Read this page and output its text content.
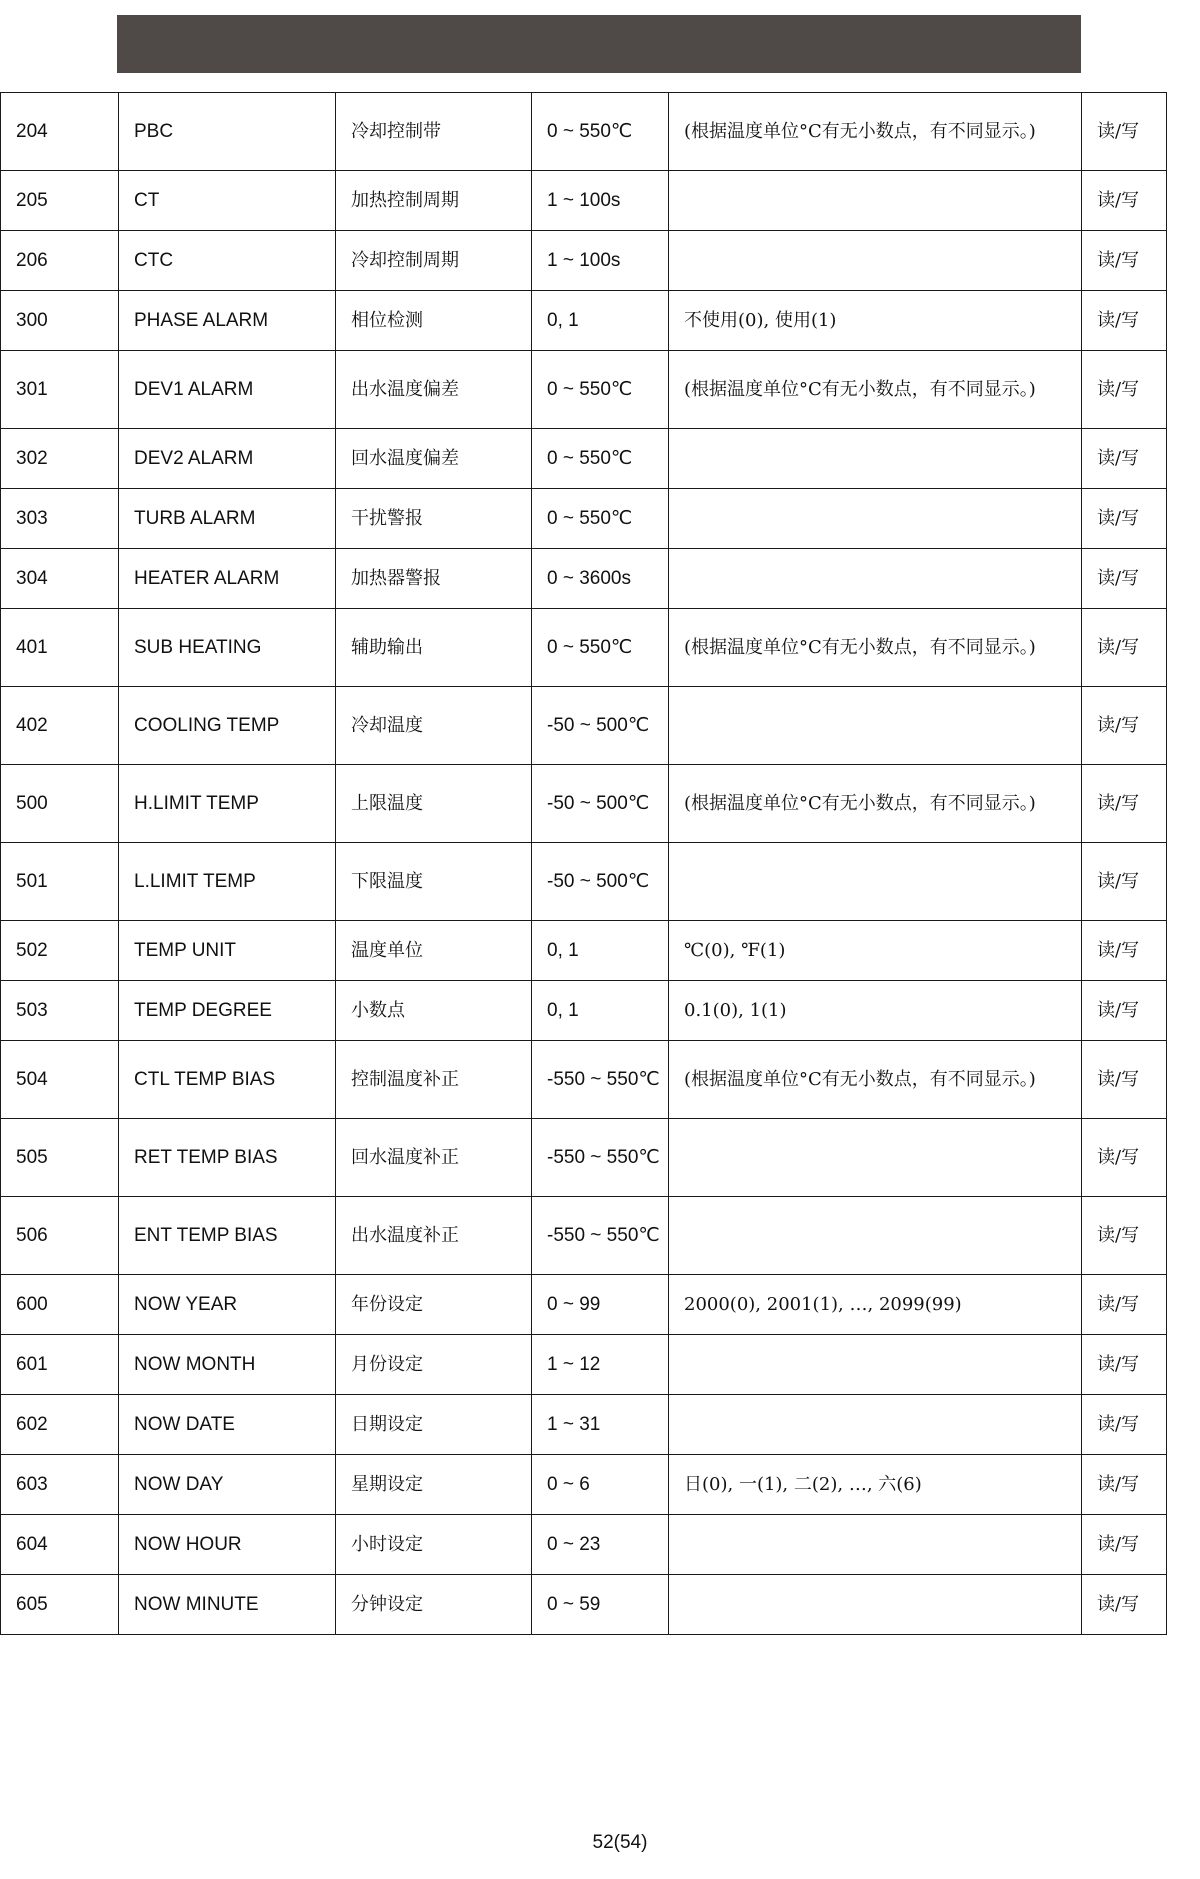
204	PBC	冷却控制带	0 ~ 550℃	(根据温度单位°C有无小数点，有不同显示。)	读/写
205	CT	加热控制周期	1 ~ 100s		读/写
206	CTC	冷却控制周期	1 ~ 100s		读/写
300	PHASE ALARM	相位检测	0, 1	不使用(0), 使用(1)	读/写
301	DEV1 ALARM	出水温度偏差	0 ~ 550℃	(根据温度单位°C有无小数点，有不同显示。)	读/写
302	DEV2 ALARM	回水温度偏差	0 ~ 550℃		读/写
303	TURB ALARM	干扰警报	0 ~ 550℃		读/写
304	HEATER ALARM	加热器警报	0 ~ 3600s		读/写
401	SUB HEATING	辅助输出	0 ~ 550℃	(根据温度单位°C有无小数点，有不同显示。)	读/写
402	COOLING TEMP	冷却温度	-50 ~ 500℃		读/写
500	H.LIMIT TEMP	上限温度	-50 ~ 500℃	(根据温度单位°C有无小数点，有不同显示。)	读/写
501	L.LIMIT TEMP	下限温度	-50 ~ 500℃		读/写
502	TEMP UNIT	温度单位	0, 1	℃(0), ℉(1)	读/写
503	TEMP DEGREE	小数点	0, 1	0.1(0), 1(1)	读/写
504	CTL TEMP BIAS	控制温度补正	-550 ~ 550℃	(根据温度单位°C有无小数点，有不同显示。)	读/写
505	RET TEMP BIAS	回水温度补正	-550 ~ 550℃		读/写
506	ENT TEMP BIAS	出水温度补正	-550 ~ 550℃		读/写
600	NOW YEAR	年份设定	0 ~ 99	2000(0), 2001(1), …, 2099(99)	读/写
601	NOW MONTH	月份设定	1 ~ 12		读/写
602	NOW DATE	日期设定	1 ~ 31		读/写
603	NOW DAY	星期设定	0 ~ 6	日(0), 一(1), 二(2), …, 六(6)	读/写
604	NOW HOUR	小时设定	0 ~ 23		读/写
605	NOW MINUTE	分钟设定	0 ~ 59		读/写
52(54)
